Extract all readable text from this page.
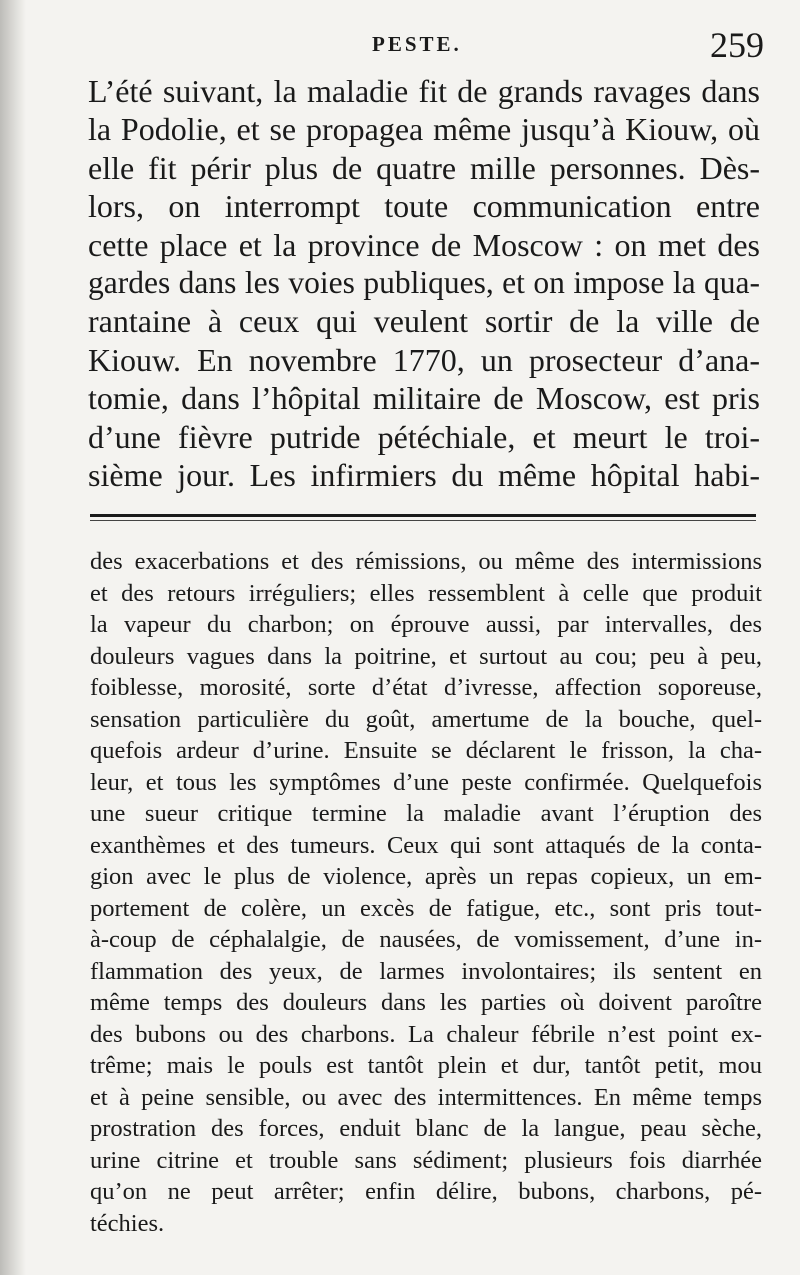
PESTE.	259
L’été suivant, la maladie fit de grands ravages dans
la Podolie, et se propagea même jusqu’à Kiouw, où
elle fit périr plus de quatre mille personnes. Dès-
lors, on interrompt toute communication entre
cette place et la province de Moscow : on met des
gardes dans les voies publiques, et on impose la qua-
rantaine à ceux qui veulent sortir de la ville de
Kiouw. En novembre 1770, un prosecteur d’ana-
tomie, dans l’hôpital militaire de Moscow, est pris
d’une fièvre putride pétéchiale, et meurt le troi-
sième jour. Les infirmiers du même hôpital habi-
des exacerbations et des rémissions, ou même des intermissions
et des retours irréguliers; elles ressemblent à celle que produit
la vapeur du charbon; on éprouve aussi, par intervalles, des
douleurs vagues dans la poitrine, et surtout au cou; peu à peu,
foiblesse, morosité, sorte d’état d’ivresse, affection soporeuse,
sensation particulière du goût, amertume de la bouche, quel-
quefois ardeur d’urine. Ensuite se déclarent le frisson, la cha-
leur, et tous les symptômes d’une peste confirmée. Quelquefois
une sueur critique termine la maladie avant l’éruption des
exanthèmes et des tumeurs. Ceux qui sont attaqués de la conta-
gion avec le plus de violence, après un repas copieux, un em-
portement de colère, un excès de fatigue, etc., sont pris tout-
à-coup de céphalalgie, de nausées, de vomissement, d’une in-
flammation des yeux, de larmes involontaires; ils sentent en
même temps des douleurs dans les parties où doivent paroître
des bubons ou des charbons. La chaleur fébrile n’est point ex-
trême; mais le pouls est tantôt plein et dur, tantôt petit, mou
et à peine sensible, ou avec des intermittences. En même temps
prostration des forces, enduit blanc de la langue, peau sèche,
urine citrine et trouble sans sédiment; plusieurs fois diarrhée
qu’on ne peut arrêter; enfin délire, bubons, charbons, pé-
téchies.
